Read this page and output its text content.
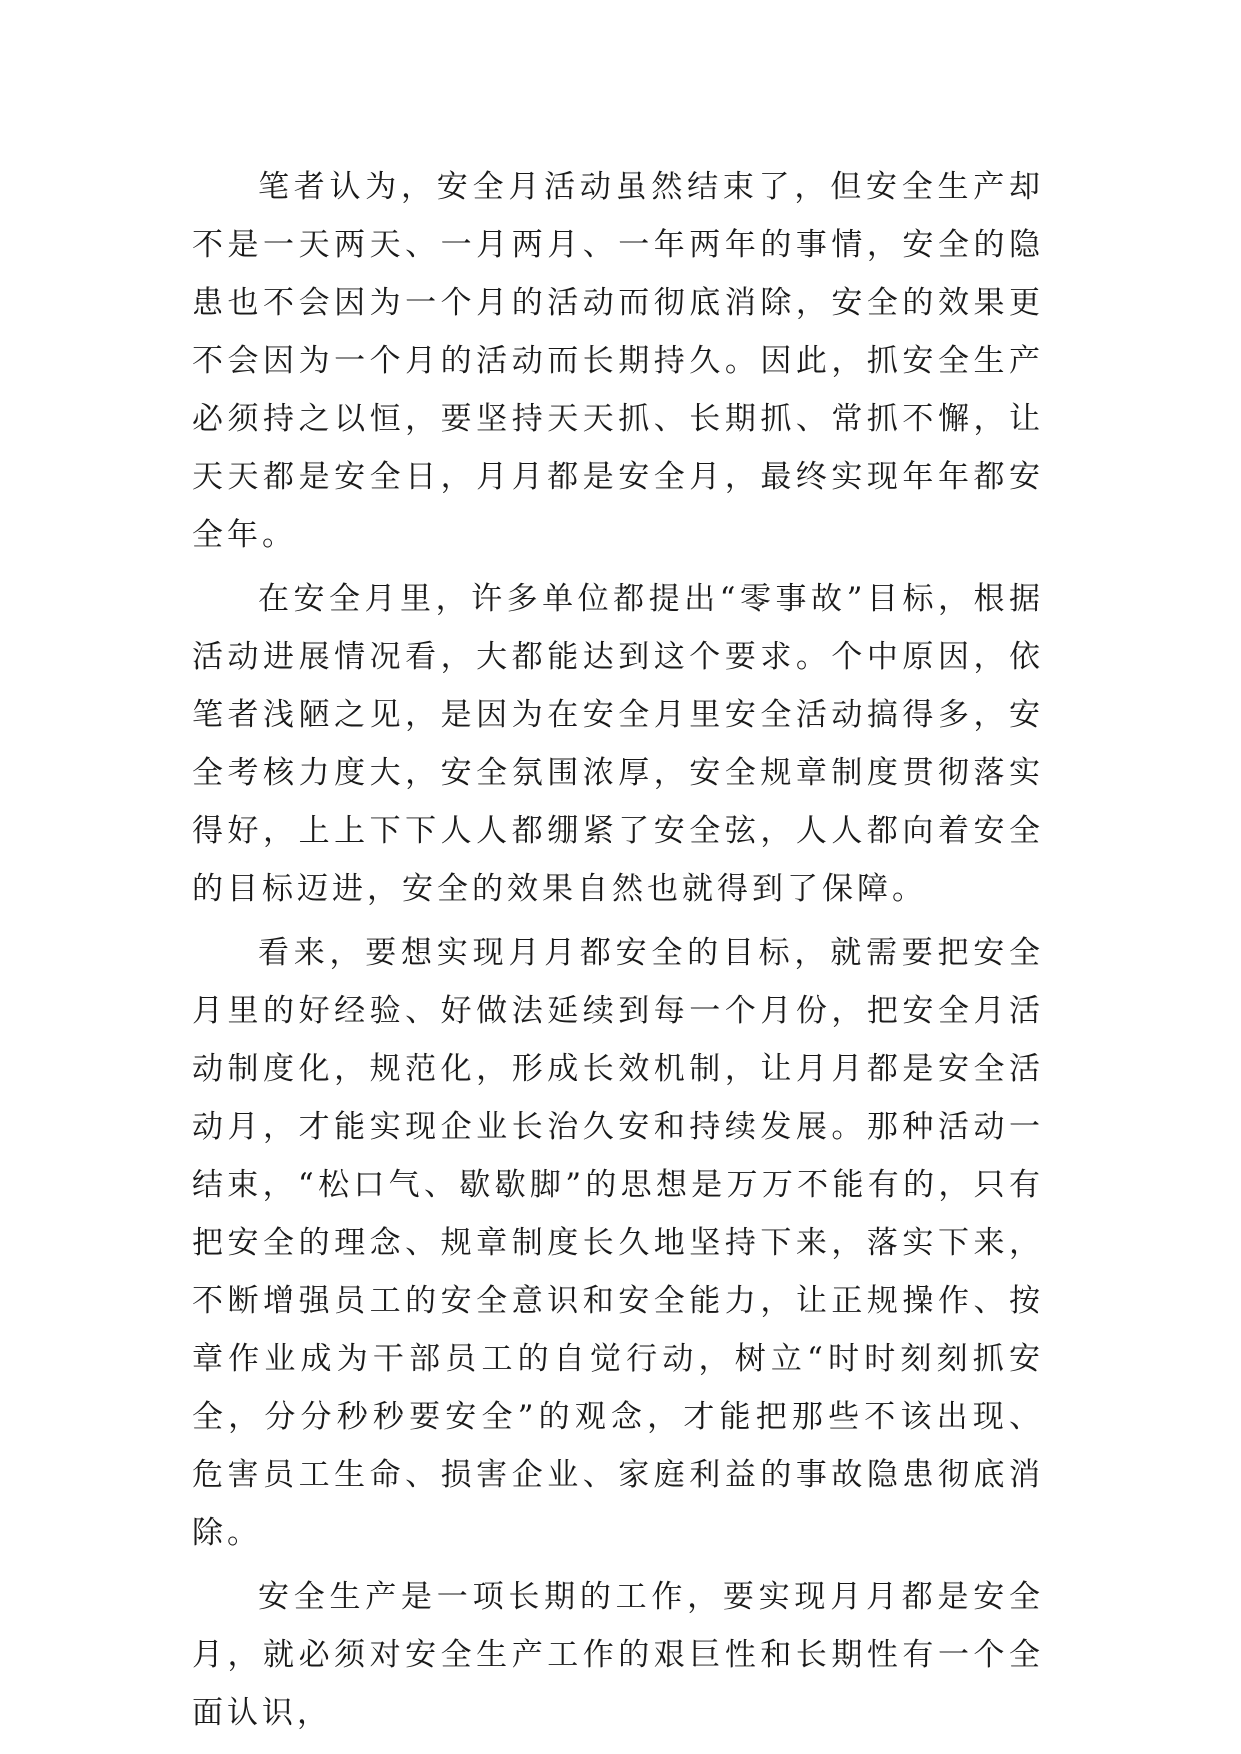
笔者认为，安全月活动虽然结束了，但安全生产却不是一天两天、一月两月、一年两年的事情，安全的隐患也不会因为一个月的活动而彻底消除，安全的效果更不会因为一个月的活动而长期持久。因此，抓安全生产必须持之以恒，要坚持天天抓、长期抓、常抓不懈，让天天都是安全日，月月都是安全月，最终实现年年都安全年。

在安全月里，许多单位都提出“零事故”目标，根据活动进展情况看，大都能达到这个要求。个中原因，依笔者浅陋之见，是因为在安全月里安全活动搞得多，安全考核力度大，安全氛围浓厚，安全规章制度贯彻落实得好，上上下下人人都绷紧了安全弦，人人都向着安全的目标迈进，安全的效果自然也就得到了保障。

看来，要想实现月月都安全的目标，就需要把安全月里的好经验、好做法延续到每一个月份，把安全月活动制度化，规范化，形成长效机制，让月月都是安全活动月，才能实现企业长治久安和持续发展。那种活动一结束，“松口气、歇歇脚”的思想是万万不能有的，只有把安全的理念、规章制度长久地坚持下来，落实下来，不断增强员工的安全意识和安全能力，让正规操作、按章作业成为干部员工的自觉行动，树立“时时刻刻抓安全，分分秒秒要安全”的观念，才能把那些不该出现、危害员工生命、损害企业、家庭利益的事故隐患彻底消除。

安全生产是一项长期的工作，要实现月月都是安全月，就必须对安全生产工作的艰巨性和长期性有一个全面认识，
